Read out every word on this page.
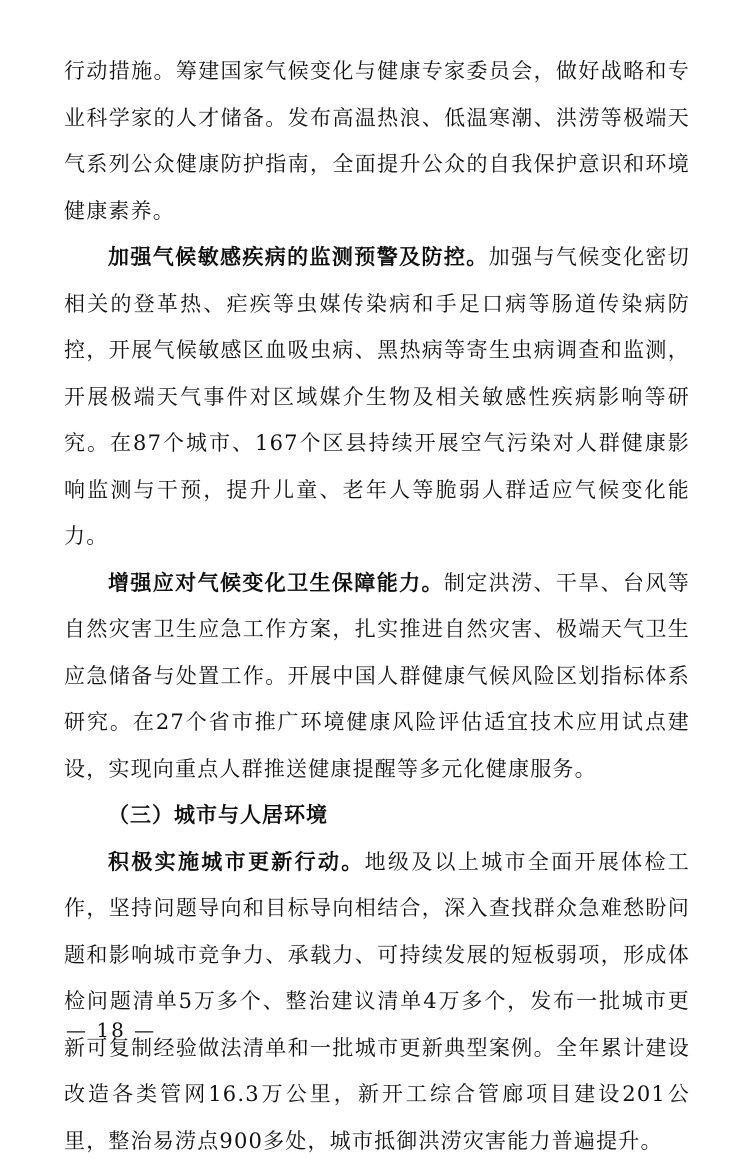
行动措施。筹建国家气候变化与健康专家委员会，做好战略和专业科学家的人才储备。发布高温热浪、低温寒潮、洪涝等极端天气系列公众健康防护指南，全面提升公众的自我保护意识和环境健康素养。

加强气候敏感疾病的监测预警及防控。加强与气候变化密切相关的登革热、疟疾等虫媒传染病和手足口病等肠道传染病防控，开展气候敏感区血吸虫病、黑热病等寄生虫病调查和监测，开展极端天气事件对区域媒介生物及相关敏感性疾病影响等研究。在87个城市、167个区县持续开展空气污染对人群健康影响监测与干预，提升儿童、老年人等脆弱人群适应气候变化能力。

增强应对气候变化卫生保障能力。制定洪涝、干旱、台风等自然灾害卫生应急工作方案，扎实推进自然灾害、极端天气卫生应急储备与处置工作。开展中国人群健康气候风险区划指标体系研究。在27个省市推广环境健康风险评估适宜技术应用试点建设，实现向重点人群推送健康提醒等多元化健康服务。

（三）城市与人居环境

积极实施城市更新行动。地级及以上城市全面开展体检工作，坚持问题导向和目标导向相结合，深入查找群众急难愁盼问题和影响城市竞争力、承载力、可持续发展的短板弱项，形成体检问题清单5万多个、整治建议清单4万多个，发布一批城市更新可复制经验做法清单和一批城市更新典型案例。全年累计建设改造各类管网16.3万公里，新开工综合管廊项目建设201公里，整治易涝点900多处，城市抵御洪涝灾害能力普遍提升。

— 18 —
